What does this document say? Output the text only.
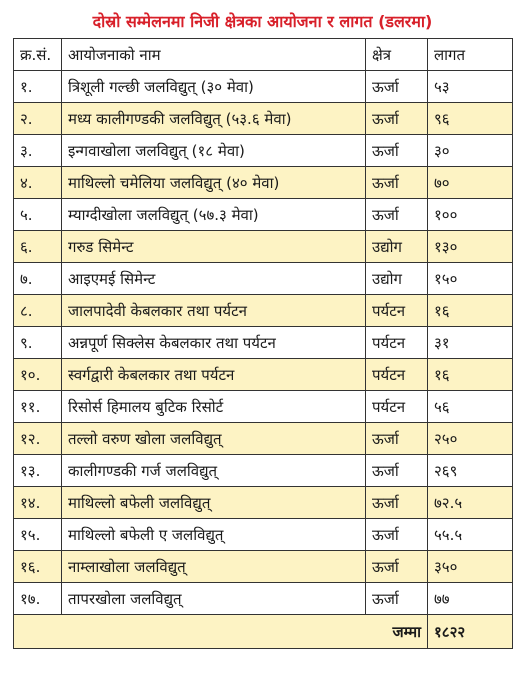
दोस्रो सम्मेलनमा निजी क्षेत्रका आयोजना र लागत (डलरमा)
क्र.सं.	आयोजनाको नाम	क्षेत्र	लागत
१.	त्रिशूली गल्छी जलविद्युत् (३० मेवा)	ऊर्जा	५३
२.	मध्य कालीगण्डकी जलविद्युत् (५३.६ मेवा)	ऊर्जा	९६
३.	इन्गवाखोला जलविद्युत् (१८ मेवा)	ऊर्जा	३०
४.	माथिल्लो चमेलिया जलविद्युत् (४० मेवा)	ऊर्जा	७०
५.	म्याग्दीखोला जलविद्युत् (५७.३ मेवा)	ऊर्जा	१००
६.	गरुड सिमेन्ट	उद्योग	१३०
७.	आइएमई सिमेन्ट	उद्योग	१५०
८.	जालपादेवी केबलकार तथा पर्यटन	पर्यटन	१६
९.	अन्नपूर्ण सिक्लेस केबलकार तथा पर्यटन	पर्यटन	३१
१०.	स्वर्गद्वारी केबलकार तथा पर्यटन	पर्यटन	१६
११.	रिसोर्स हिमालय बुटिक रिसोर्ट	पर्यटन	५६
१२.	तल्लो वरुण खोला जलविद्युत्	ऊर्जा	२५०
१३.	कालीगण्डकी गर्ज जलविद्युत्	ऊर्जा	२६९
१४.	माथिल्लो बफेली जलविद्युत्	ऊर्जा	७२.५
१५.	माथिल्लो बफेली ए जलविद्युत्	ऊर्जा	५५.५
१६.	नाम्लाखोला जलविद्युत्	ऊर्जा	३५०
१७.	तापरखोला जलविद्युत्	ऊर्जा	७७
जम्मा			१८२२
